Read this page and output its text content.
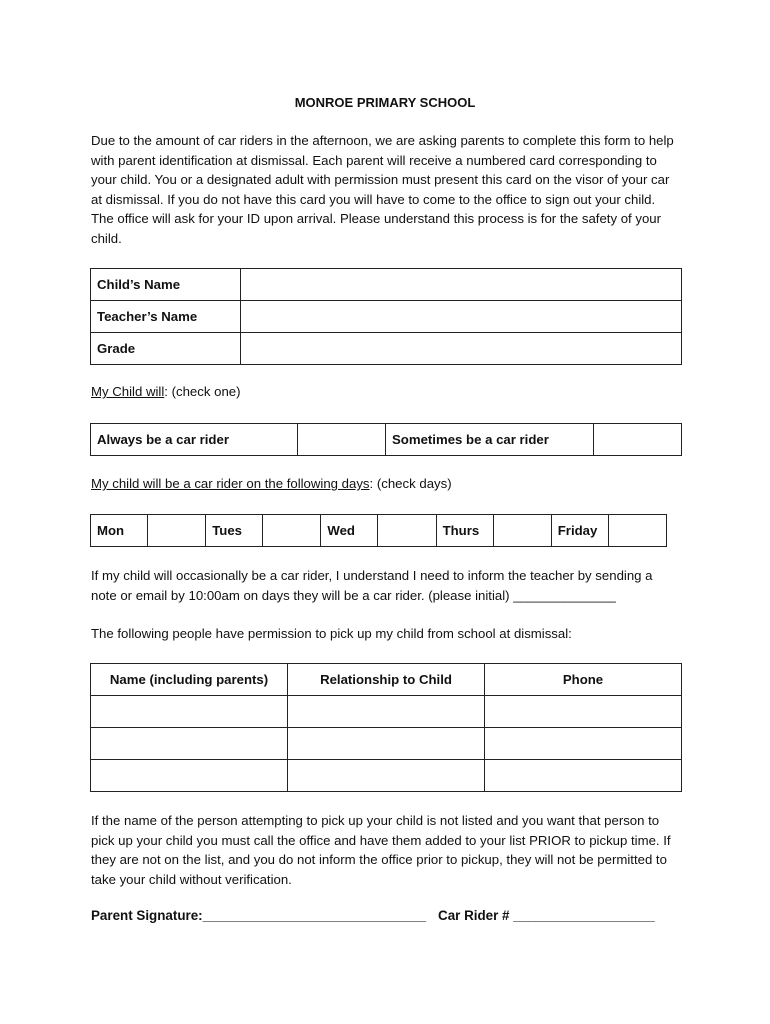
MONROE PRIMARY SCHOOL

Due to the amount of car riders in the afternoon, we are asking parents to complete this form to help with parent identification at dismissal. Each parent will receive a numbered card corresponding to your child. You or a designated adult with permission must present this card on the visor of your car at dismissal. If you do not have this card you will have to come to the office to sign out your child. The office will ask for your ID upon arrival. Please understand this process is for the safety of your child.

Child’s Name	
Teacher’s Name	
Grade	
My Child will: (check one)
Always be a car rider		Sometimes be a car rider	
My child will be a car rider on the following days: (check days)
Mon		Tues		Wed		Thurs		Friday	

If my child will occasionally be a car rider, I understand I need to inform the teacher by sending a note or email by 10:00am on days they will be a car rider. (please initial) ______________

The following people have permission to pick up my child from school at dismissal:

Name (including parents)	Relationship to Child	Phone

If the name of the person attempting to pick up your child is not listed and you want that person to pick up your child you must call the office and have them added to your list PRIOR to pickup time. If they are not on the list, and you do not inform the office prior to pickup, they will not be permitted to take your child without verification.

Parent Signature:______________________________ Car Rider # ___________________
